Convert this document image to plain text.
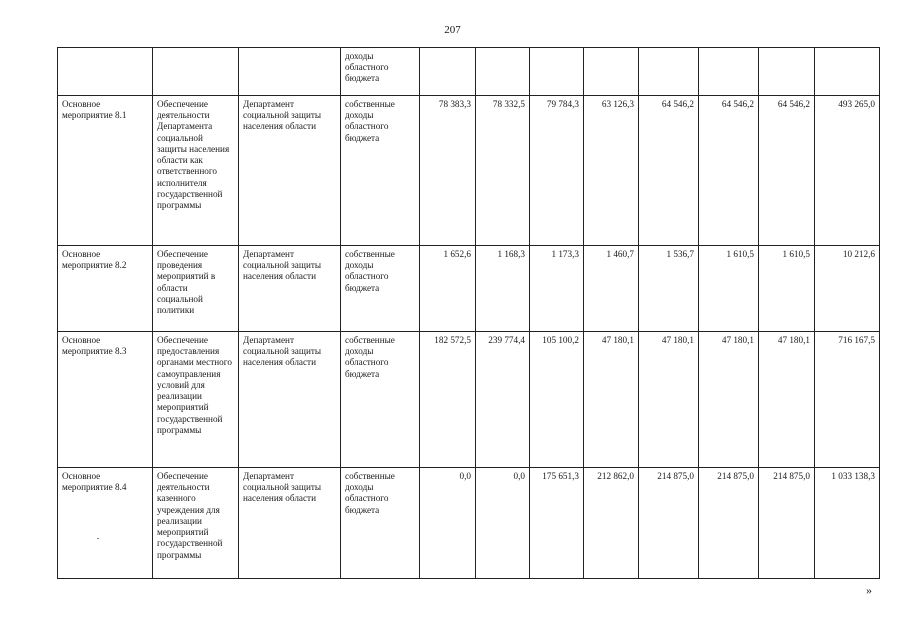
207
			доходы областного бюджета								
Основное мероприятие 8.1	Обеспечение деятельности Департамента социальной защиты населения области как ответственного исполнителя государственной программы	Департамент социальной защиты населения области	собственные доходы областного бюджета	78 383,3	78 332,5	79 784,3	63 126,3	64 546,2	64 546,2	64 546,2	493 265,0
Основное мероприятие 8.2	Обеспечение проведения мероприятий в области социальной политики	Департамент социальной защиты населения области	собственные доходы областного бюджета	1 652,6	1 168,3	1 173,3	1 460,7	1 536,7	1 610,5	1 610,5	10 212,6
Основное мероприятие 8.3	Обеспечение предоставления органами местного самоуправления условий для реализации мероприятий государственной программы	Департамент социальной защиты населения области	собственные доходы областного бюджета	182 572,5	239 774,4	105 100,2	47 180,1	47 180,1	47 180,1	47 180,1	716 167,5
Основное мероприятие 8.4	Обеспечение деятельности казенного учреждения для реализации мероприятий государственной программы	Департамент социальной защиты населения области	собственные доходы областного бюджета	0,0	0,0	175 651,3	212 862,0	214 875,0	214 875,0	214 875,0	1 033 138,3
»
